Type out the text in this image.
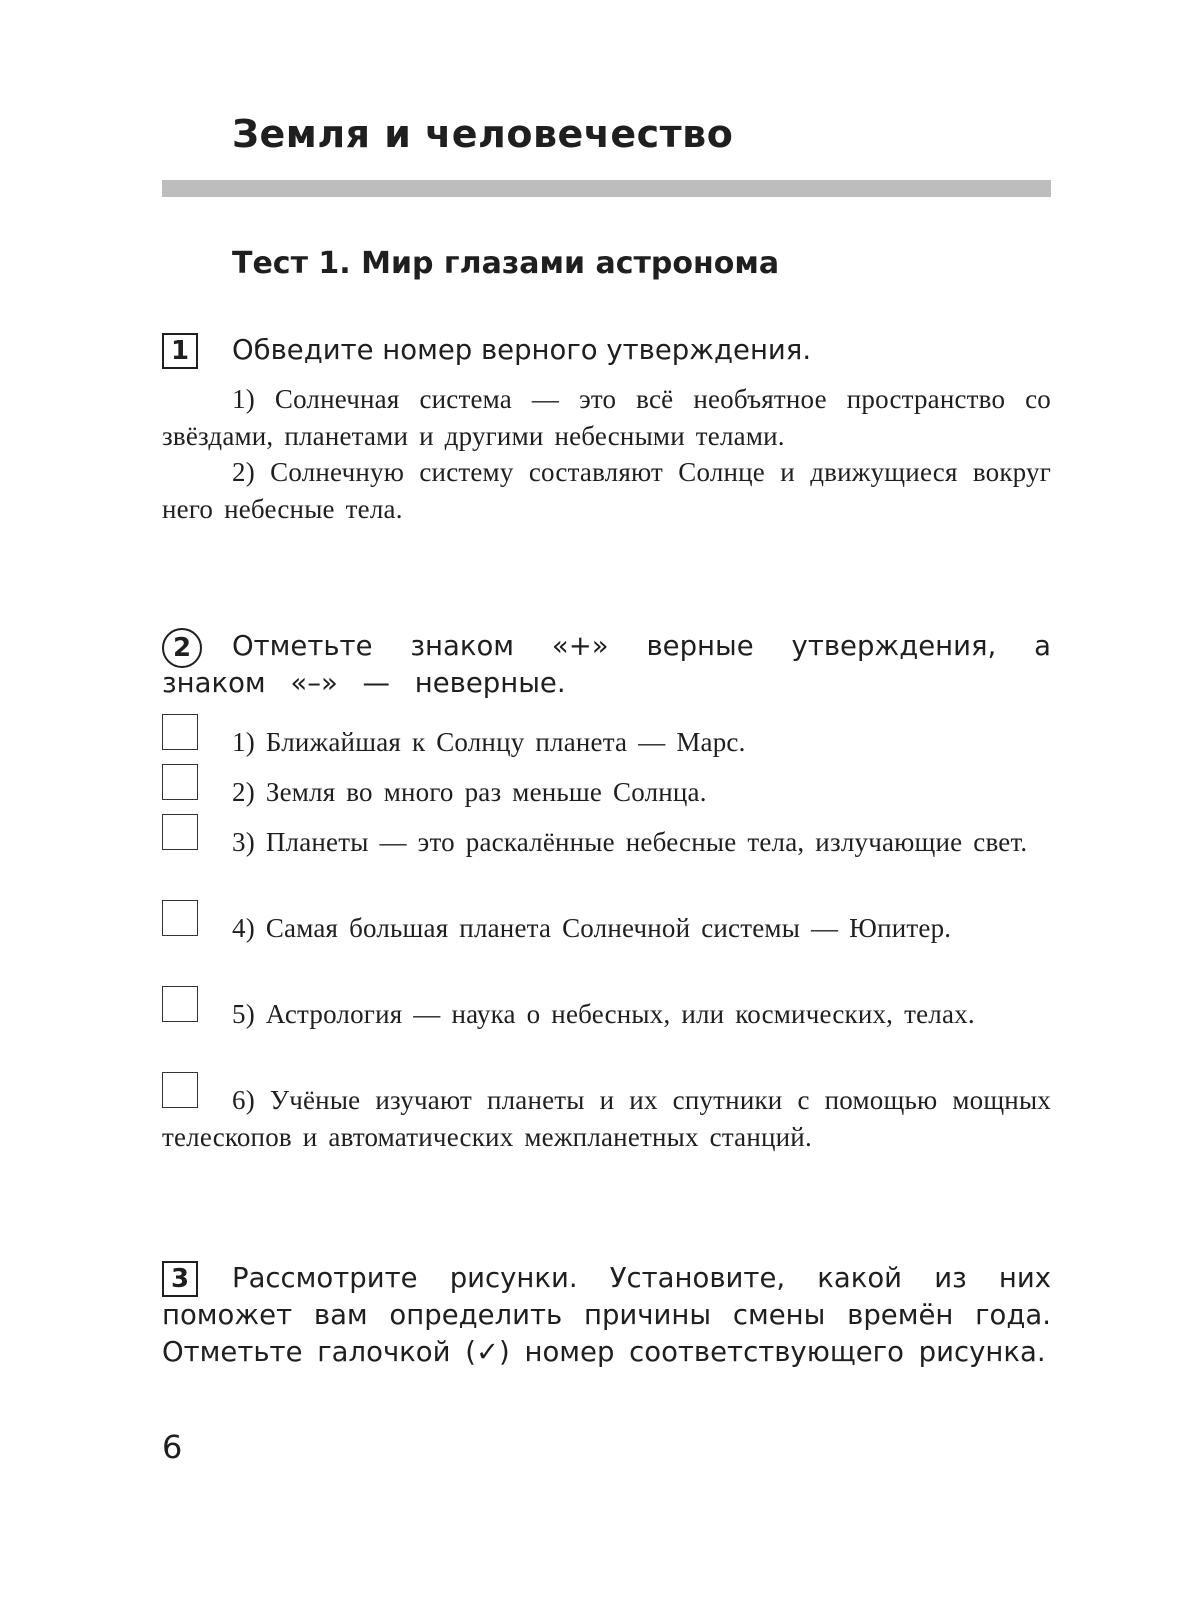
Земля и человечество
Тест 1. Мир глазами астронома
1	Обведите номер верного утверждения.

1) Солнечная система — это всё необъятное пространство со звёздами, планетами и другими небесными телами.

2) Солнечную систему составляют Солнце и движущиеся вокруг него небесные тела.

2	Отметьте знаком «+» верные утверждения, а знаком «–» — неверные.

1) Ближайшая к Солнцу планета — Марс.
2) Земля во много раз меньше Солнца.
3) Планеты — это раскалённые небесные тела, излучающие свет.
4) Самая большая планета Солнечной системы — Юпитер.
5) Астрология — наука о небесных, или космических, телах.
6) Учёные изучают планеты и их спутники с помощью мощных телескопов и автоматических межпланетных станций.
3	Рассмотрите рисунки. Установите, какой из них поможет вам определить причины смены времён года. Отметьте галочкой (✓) номер соответствующего рисунка.

6
